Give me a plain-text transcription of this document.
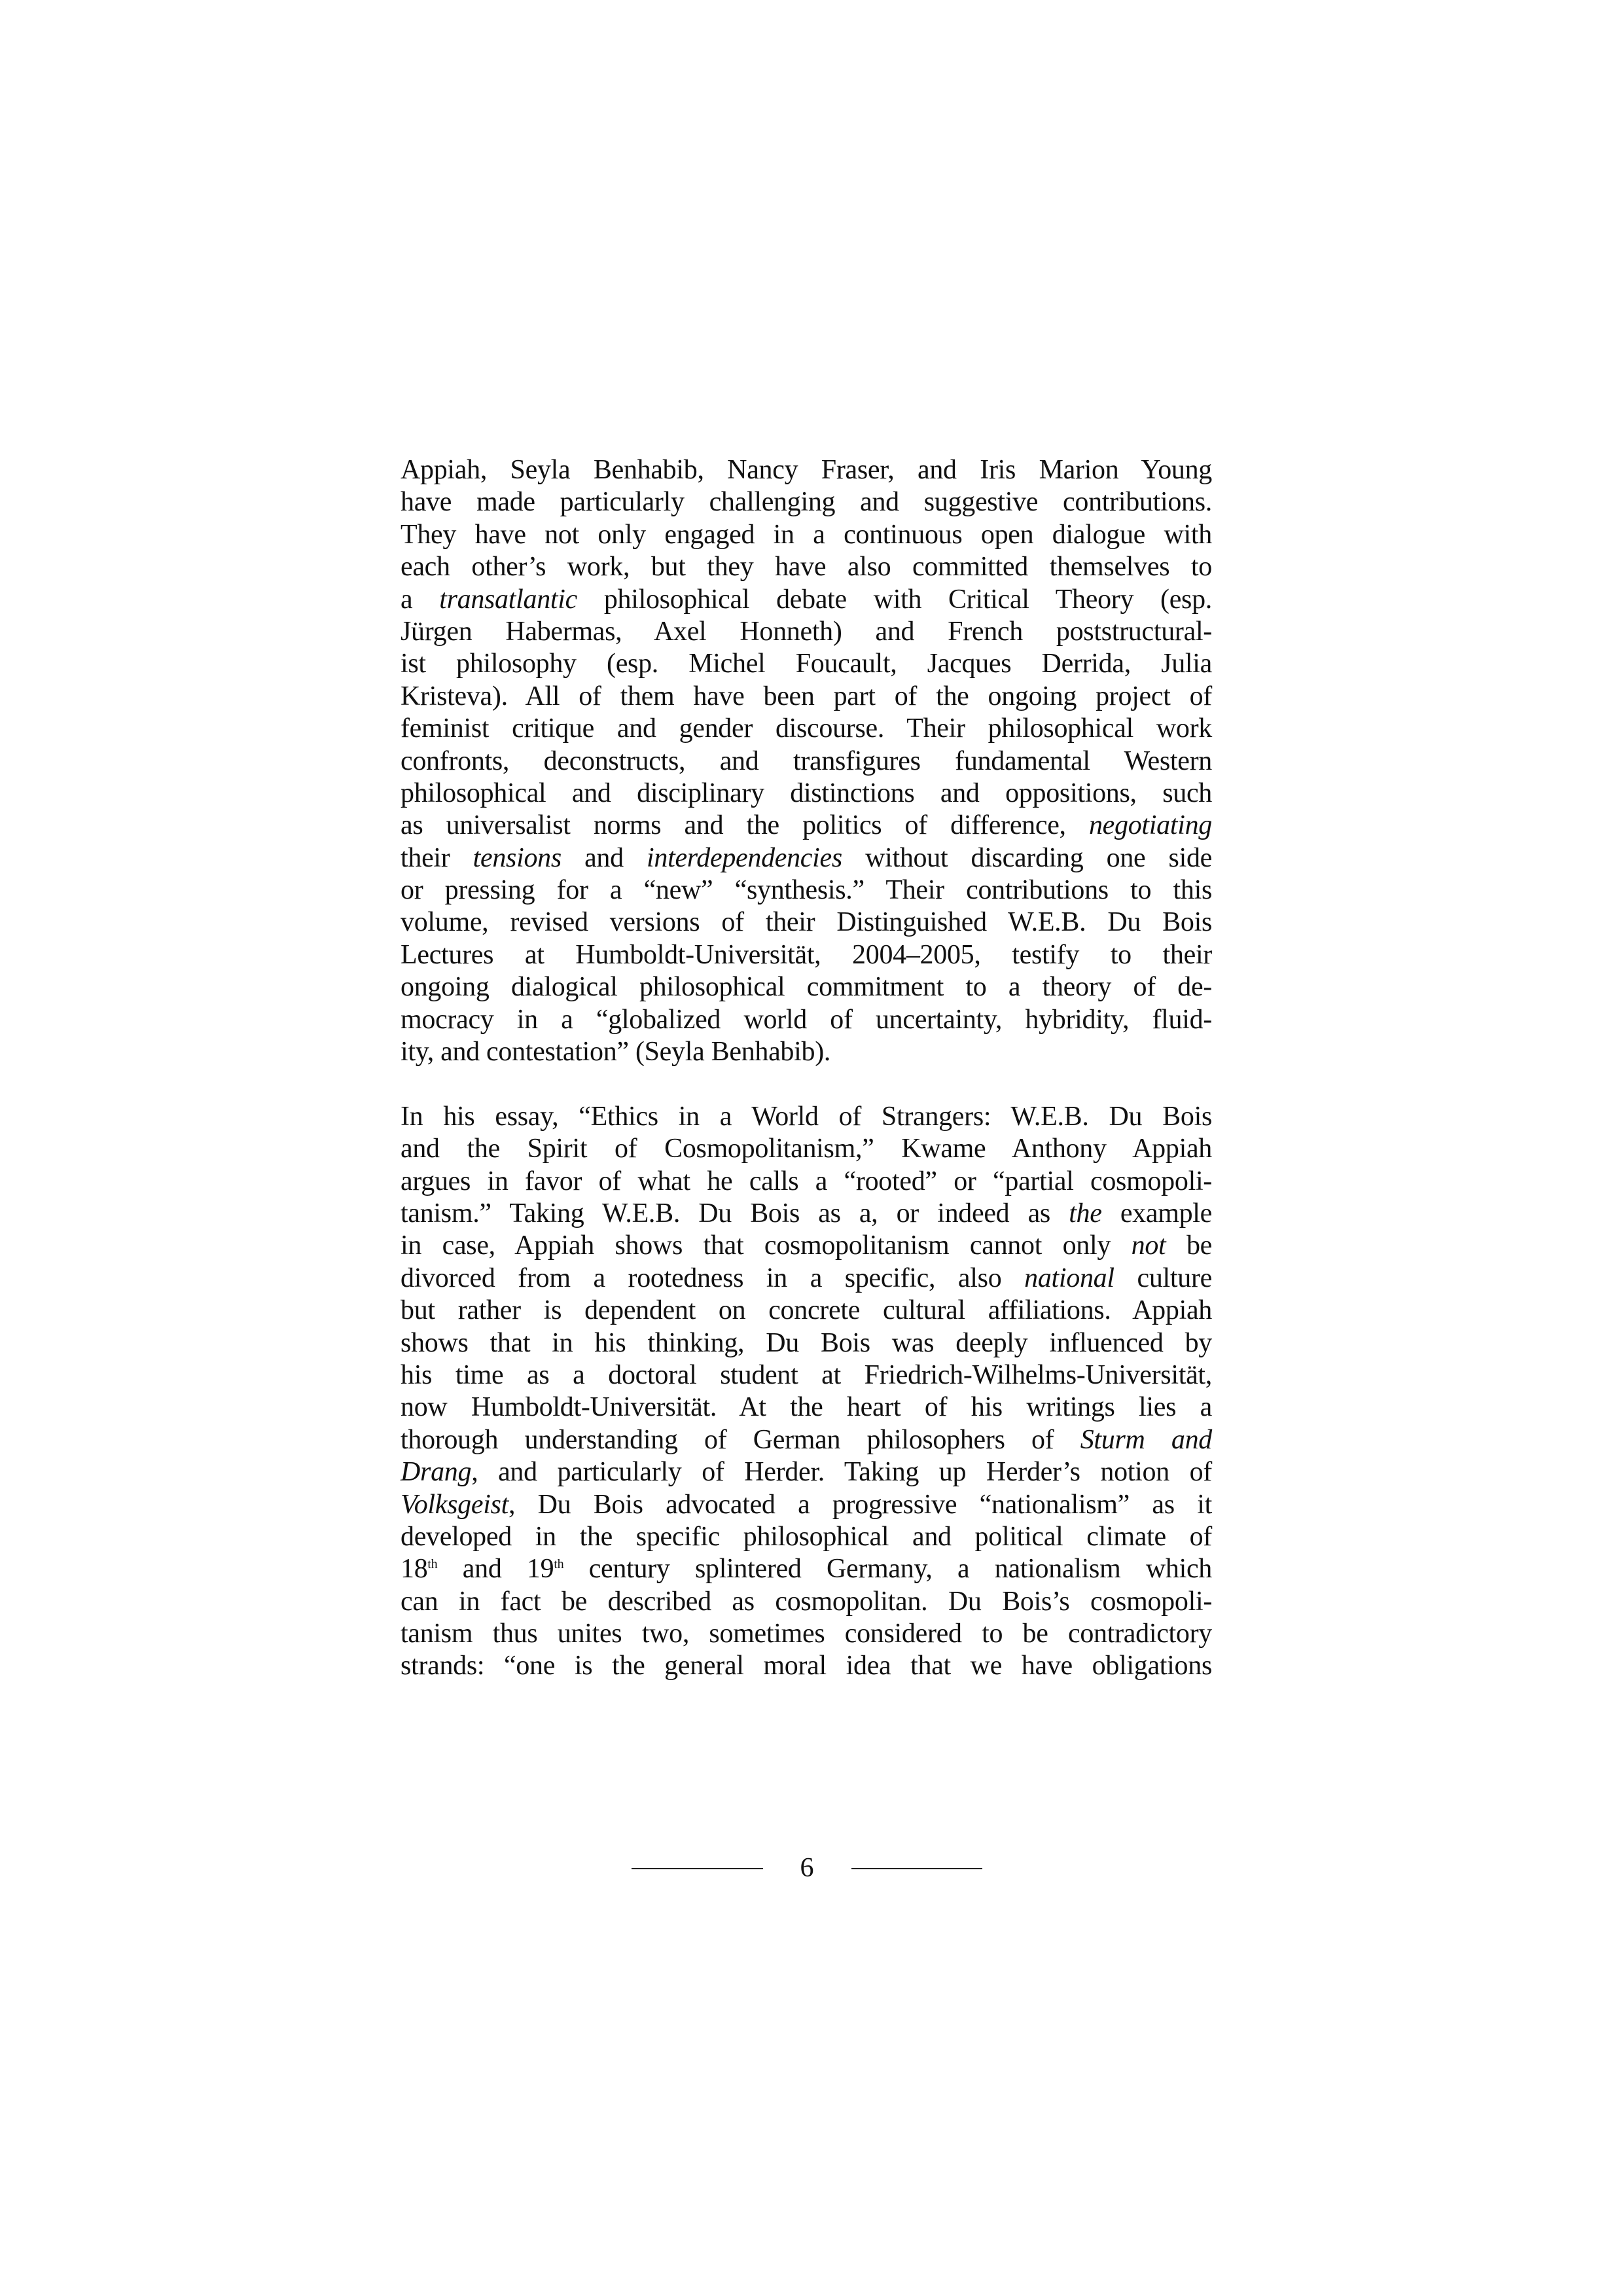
Appiah, Seyla Benhabib, Nancy Fraser, and Iris Marion Young
have made particularly challenging and suggestive contributions.
They have not only engaged in a continuous open dialogue with
each other’s work, but they have also committed themselves to
a transatlantic philosophical debate with Critical Theory (esp.
Jürgen Habermas, Axel Honneth) and French poststructural-
ist philosophy (esp. Michel Foucault, Jacques Derrida, Julia
Kristeva). All of them have been part of the ongoing project of
feminist critique and gender discourse. Their philosophical work
confronts, deconstructs, and transfigures fundamental Western
philosophical and disciplinary distinctions and oppositions, such
as universalist norms and the politics of difference, negotiating
their tensions and interdependencies without discarding one side
or pressing for a “new” “synthesis.” Their contributions to this
volume, revised versions of their Distinguished W.E.B. Du Bois
Lectures at Humboldt-Universität, 2004–2005, testify to their
ongoing dialogical philosophical commitment to a theory of de-
mocracy in a “globalized world of uncertainty, hybridity, fluid-
ity, and contestation” (Seyla Benhabib).
In his essay, “Ethics in a World of Strangers: W.E.B. Du Bois
and the Spirit of Cosmopolitanism,” Kwame Anthony Appiah
argues in favor of what he calls a “rooted” or “partial cosmopoli-
tanism.” Taking W.E.B. Du Bois as a, or indeed as the example
in case, Appiah shows that cosmopolitanism cannot only not be
divorced from a rootedness in a specific, also national culture
but rather is dependent on concrete cultural affiliations. Appiah
shows that in his thinking, Du Bois was deeply influenced by
his time as a doctoral student at Friedrich-Wilhelms-Universität,
now Humboldt-Universität. At the heart of his writings lies a
thorough understanding of German philosophers of Sturm and
Drang, and particularly of Herder. Taking up Herder’s notion of
Volksgeist, Du Bois advocated a progressive “nationalism” as it
developed in the specific philosophical and political climate of
18th and 19th century splintered Germany, a nationalism which
can in fact be described as cosmopolitan. Du Bois’s cosmopoli-
tanism thus unites two, sometimes considered to be contradictory
strands: “one is the general moral idea that we have obligations
6
